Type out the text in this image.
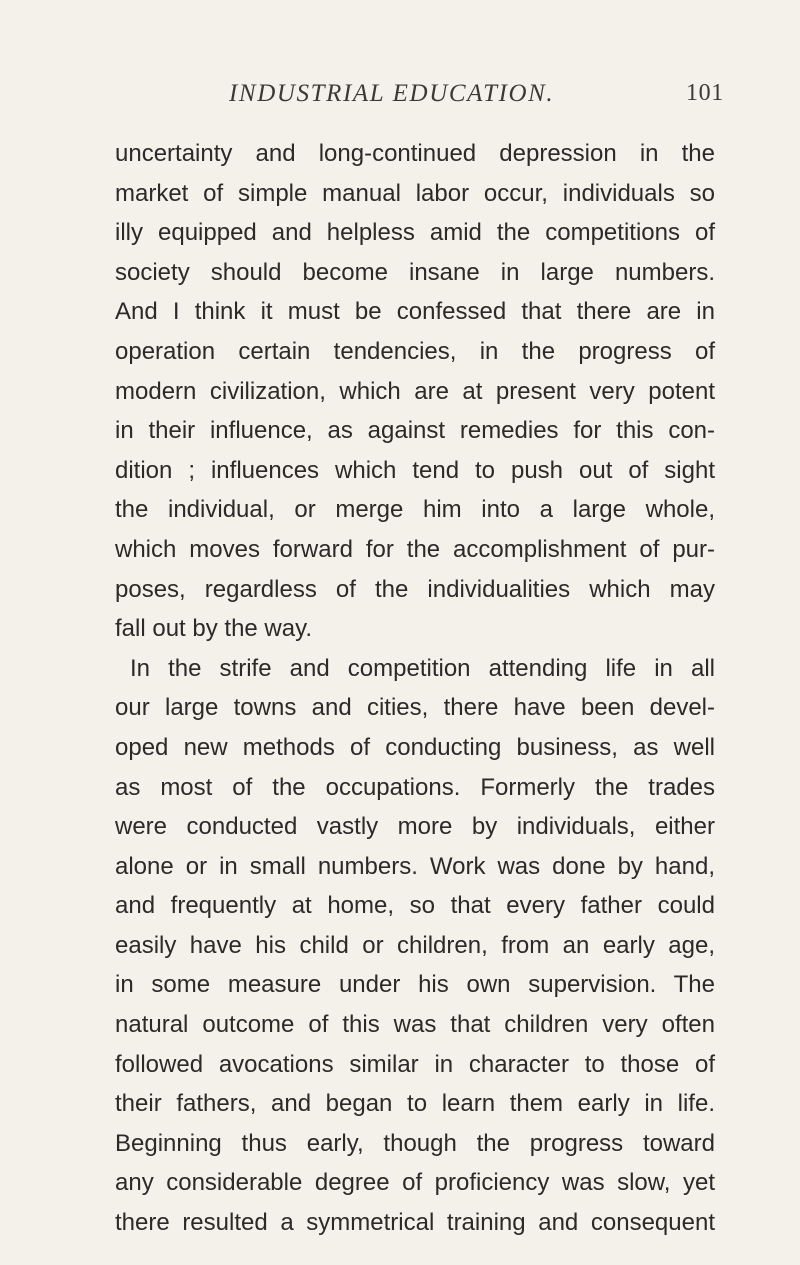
INDUSTRIAL EDUCATION.	101
uncertainty and long-continued depression in the
market of simple manual labor occur, individuals so
illy equipped and helpless amid the competitions of
society should become insane in large numbers.
And I think it must be confessed that there are in
operation certain tendencies, in the progress of
modern civilization, which are at present very potent
in their influence, as against remedies for this con-
dition ; influences which tend to push out of sight
the individual, or merge him into a large whole,
which moves forward for the accomplishment of pur-
poses, regardless of the individualities which may
fall out by the way.
In the strife and competition attending life in all
our large towns and cities, there have been devel-
oped new methods of conducting business, as well
as most of the occupations. Formerly the trades
were conducted vastly more by individuals, either
alone or in small numbers. Work was done by hand,
and frequently at home, so that every father could
easily have his child or children, from an early age,
in some measure under his own supervision. The
natural outcome of this was that children very often
followed avocations similar in character to those of
their fathers, and began to learn them early in life.
Beginning thus early, though the progress toward
any considerable degree of proficiency was slow, yet
there resulted a symmetrical training and consequent
